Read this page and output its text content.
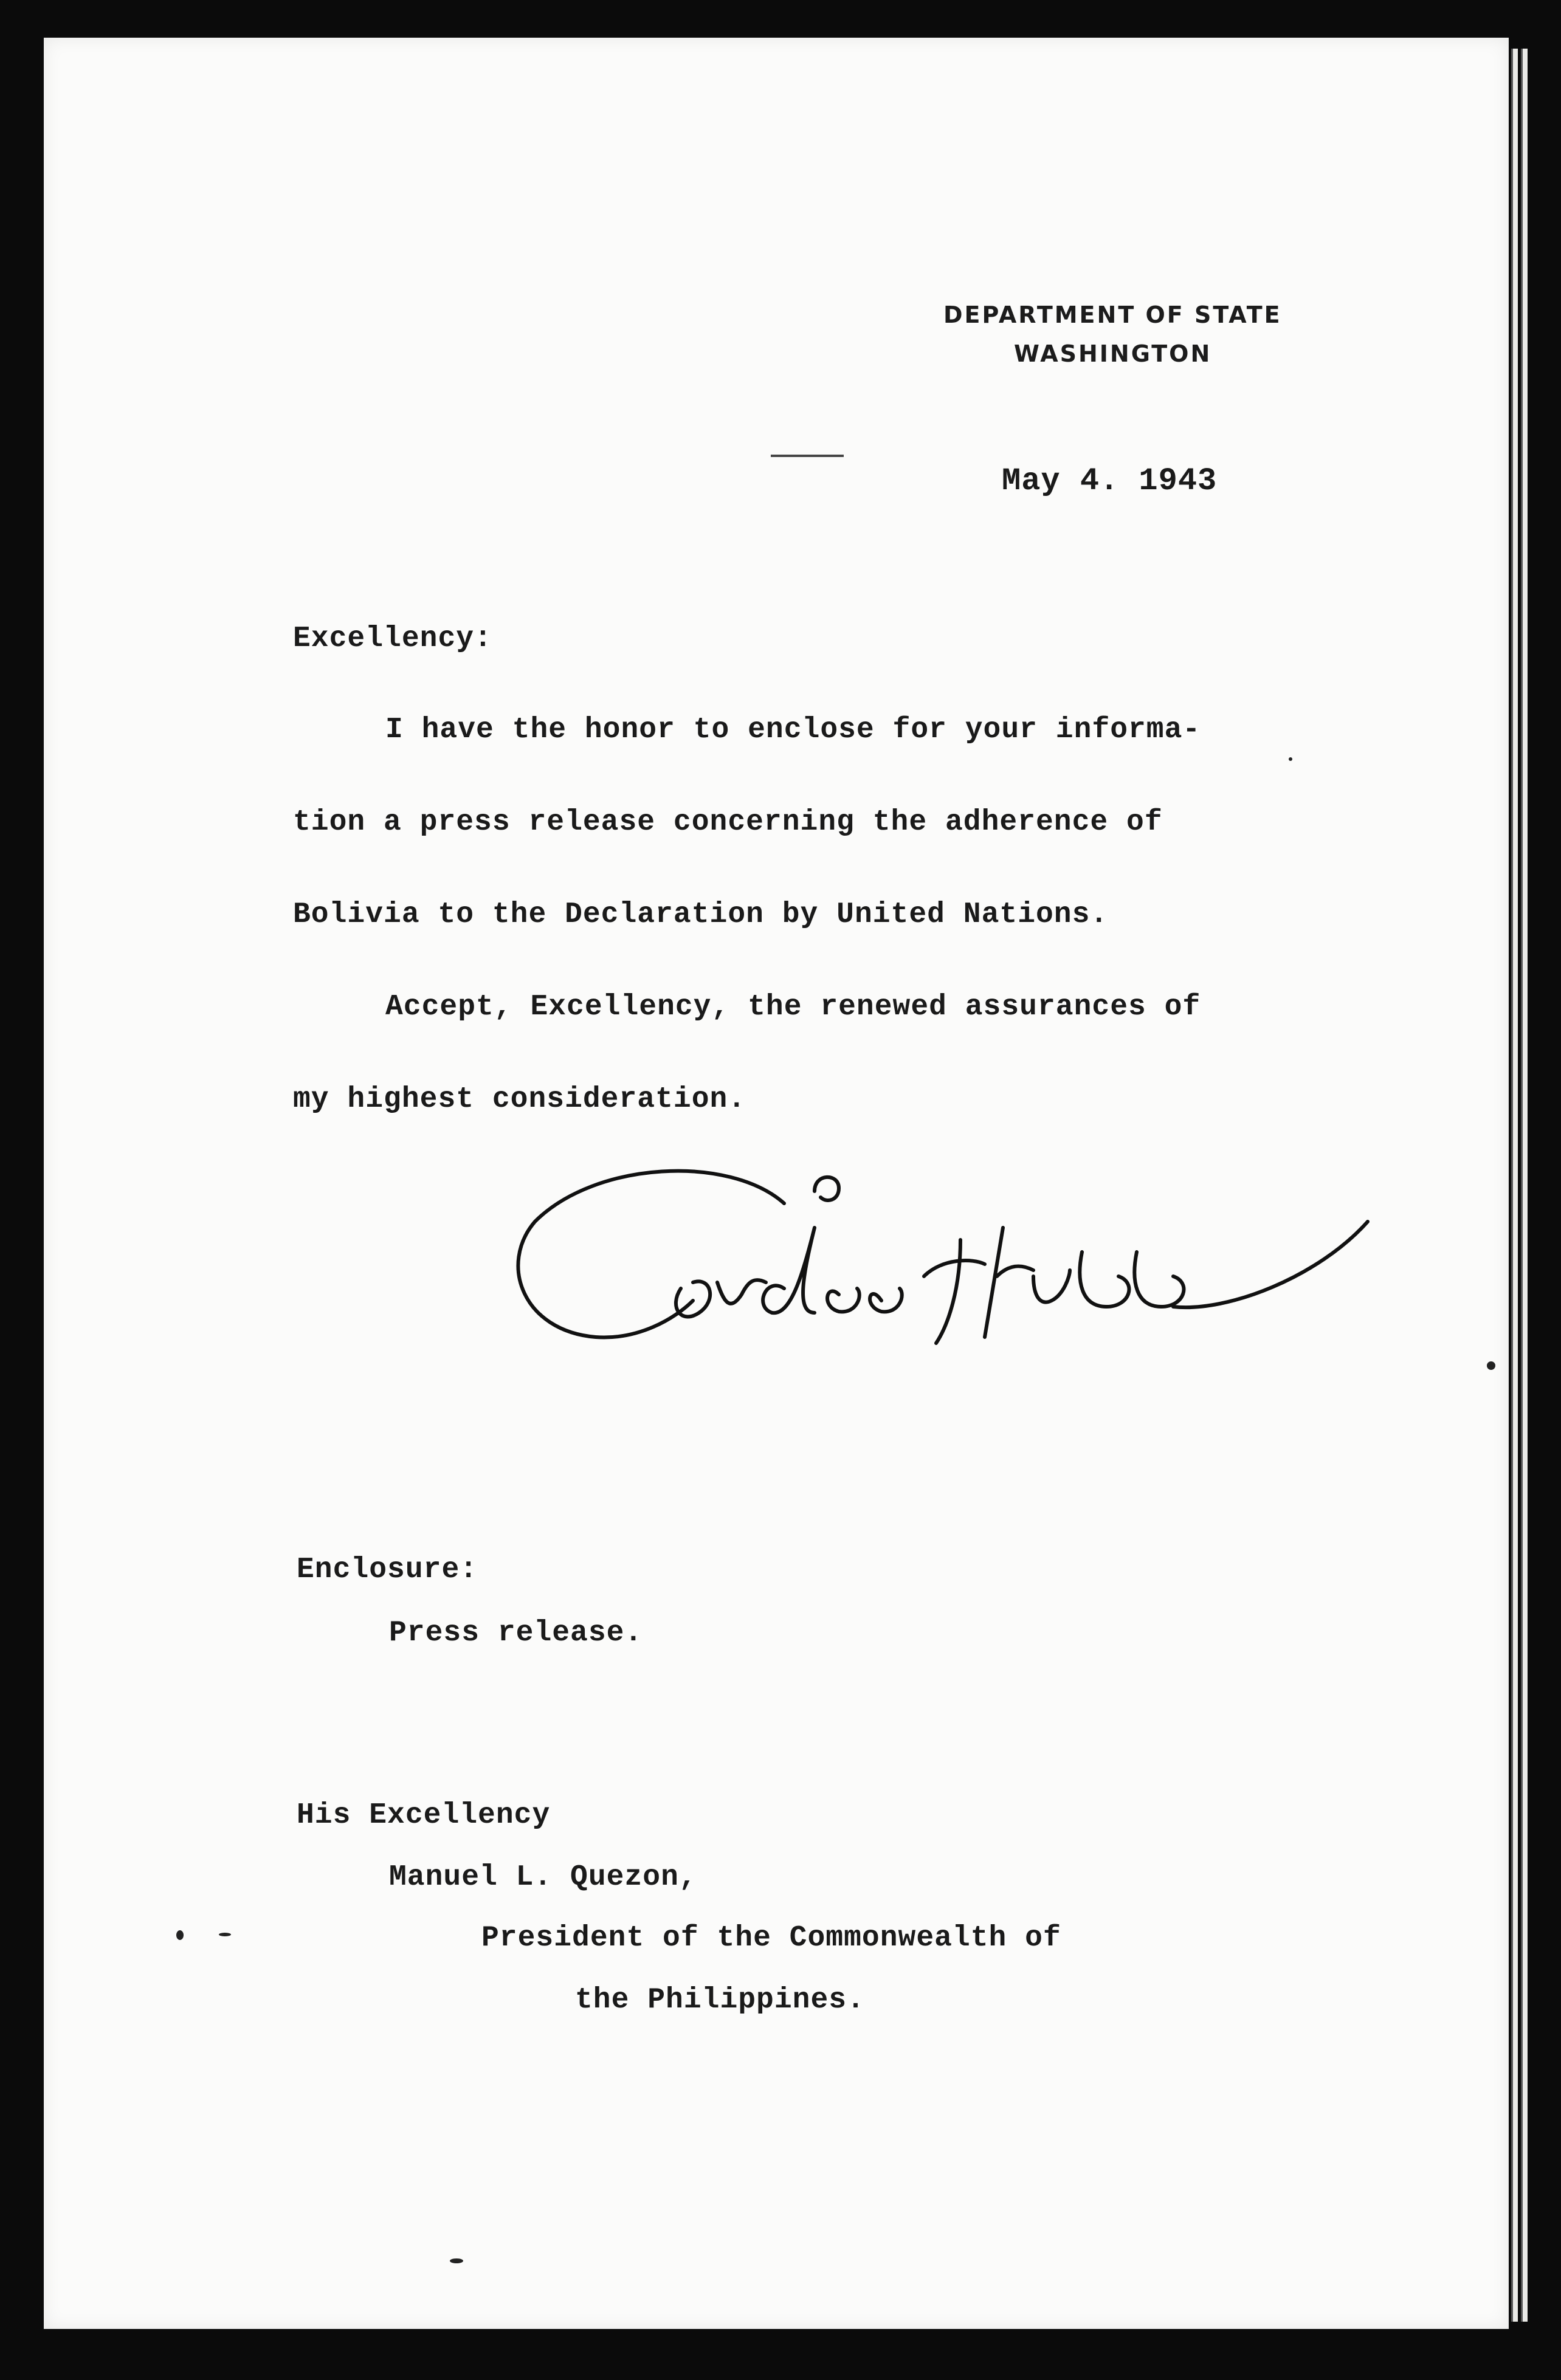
DEPARTMENT OF STATE
WASHINGTON
May 4. 1943
Excellency:
I have the honor to enclose for your informa-
tion a press release concerning the adherence of
Bolivia to the Declaration by United Nations.
Accept, Excellency, the renewed assurances of
my highest consideration.
Enclosure:
Press release.
His Excellency
Manuel L. Quezon,
President of the Commonwealth of
the Philippines.
